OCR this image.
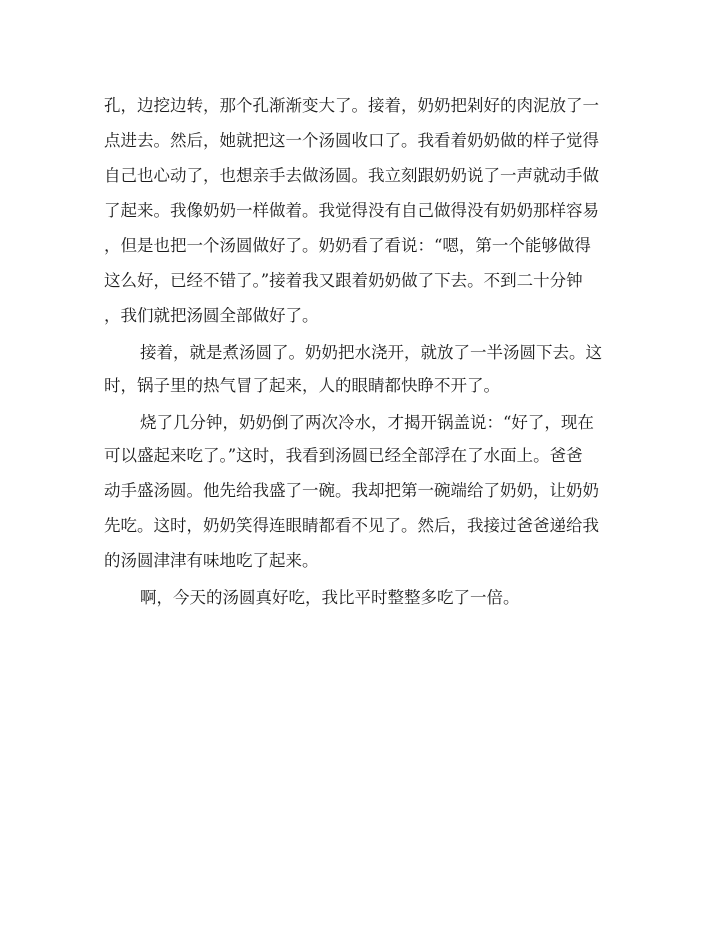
孔，边挖边转，那个孔渐渐变大了。接着，奶奶把剁好的肉泥放了一
点进去。然后，她就把这一个汤圆收口了。我看着奶奶做的样子觉得
自己也心动了，也想亲手去做汤圆。我立刻跟奶奶说了一声就动手做
了起来。我像奶奶一样做着。我觉得没有自己做得没有奶奶那样容易
，但是也把一个汤圆做好了。奶奶看了看说：“嗯，第一个能够做得
这么好，已经不错了。”接着我又跟着奶奶做了下去。不到二十分钟
，我们就把汤圆全部做好了。
接着，就是煮汤圆了。奶奶把水浇开，就放了一半汤圆下去。这
时，锅子里的热气冒了起来，人的眼睛都快睁不开了。
烧了几分钟，奶奶倒了两次冷水，才揭开锅盖说：“好了，现在
可以盛起来吃了。”这时，我看到汤圆已经全部浮在了水面上。爸爸
动手盛汤圆。他先给我盛了一碗。我却把第一碗端给了奶奶，让奶奶
先吃。这时，奶奶笑得连眼睛都看不见了。然后，我接过爸爸递给我
的汤圆津津有味地吃了起来。
啊，今天的汤圆真好吃，我比平时整整多吃了一倍。
